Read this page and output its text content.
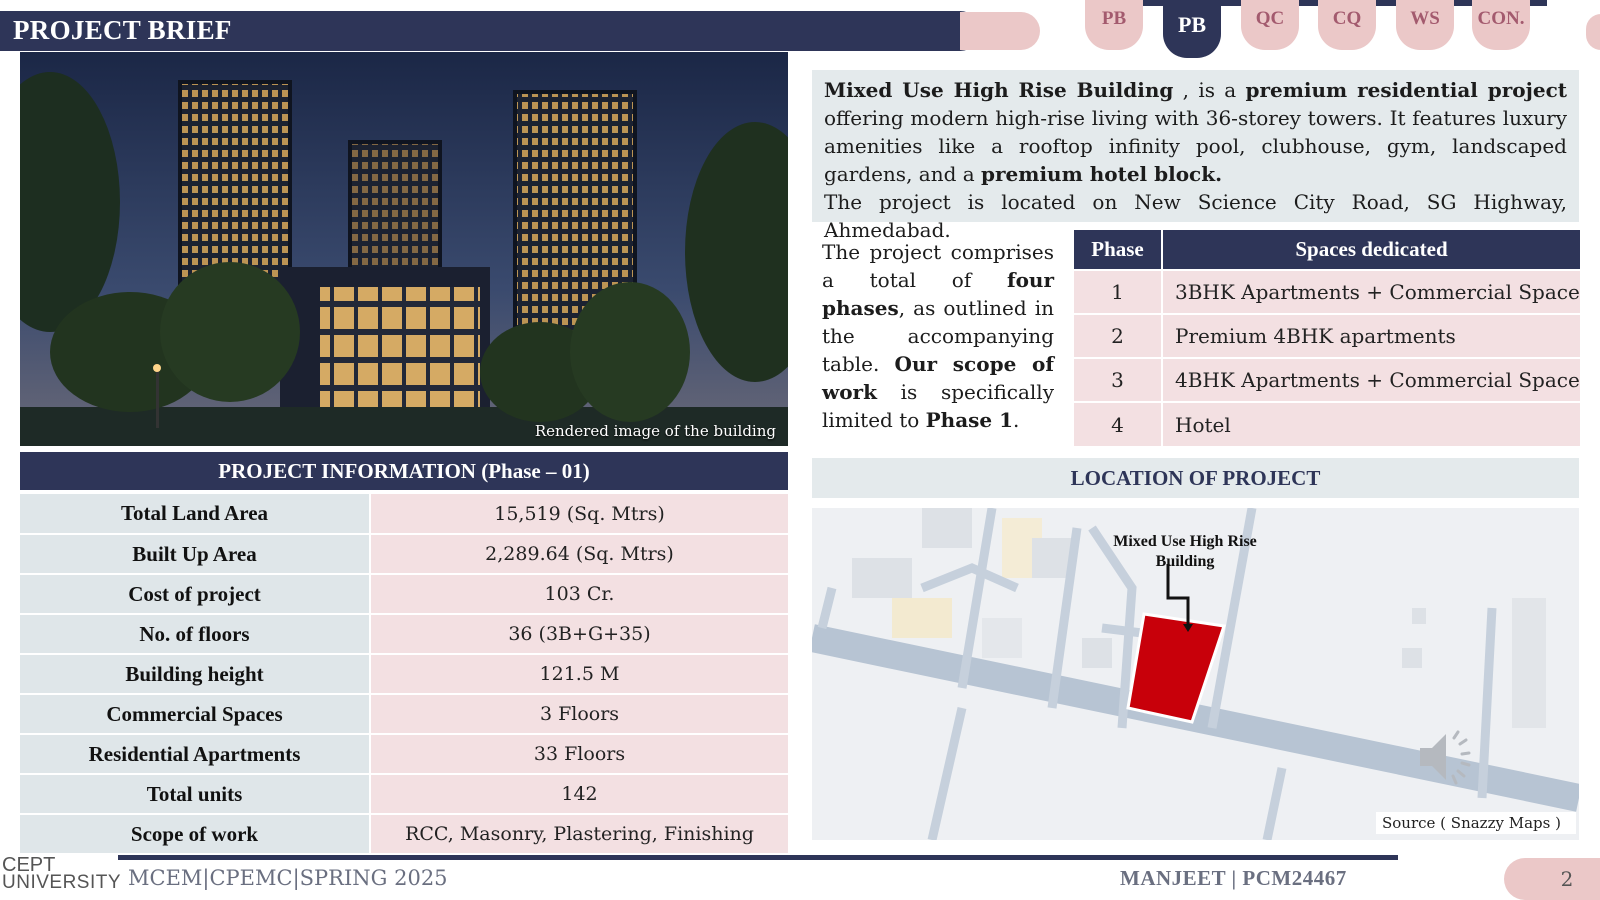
PROJECT BRIEF	PB	PB	QC	CQ	WS	CON.
Rendered image of the building
PROJECT INFORMATION (Phase – 01)
Total Land Area	15,519 (Sq. Mtrs)
Built Up Area	2,289.64 (Sq. Mtrs)
Cost of project	103 Cr.
No. of floors	36 (3B+G+35)
Building height	121.5 M
Commercial Spaces	3 Floors
Residential Apartments	33 Floors
Total units	142
Scope of work	RCC, Masonry, Plastering, Finishing
Mixed Use High Rise Building , is a premium residential project offering modern high-rise living with 36-storey towers. It features luxury amenities like a rooftop infinity pool, clubhouse, gym, landscaped gardens, and a premium hotel block.
The project is located on New Science City Road, SG Highway, Ahmedabad.
The project comprises a total of four phases, as outlined in the accompanying table. Our scope of work is specifically limited to Phase 1.
Phase	Spaces dedicated
1	3BHK Apartments + Commercial Space
2	Premium 4BHK apartments
3	4BHK Apartments + Commercial Space
4	Hotel
LOCATION OF PROJECT
Mixed Use High Rise Building
Source ( Snazzy Maps )
CEPT
UNIVERSITY MCEM|CPEMC|SPRING 2025	MANJEET | PCM24467	2
